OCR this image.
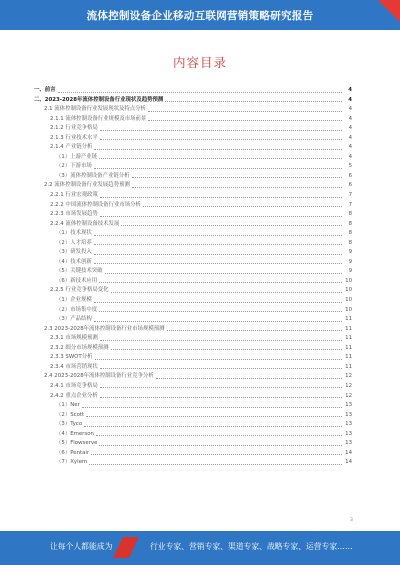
流体控制设备企业移动互联网营销策略研究报告
内容目录
一、前言	4
二、2023-2028年流体控制设备行业现状及趋势预测	4
2.1 流体控制设备行业发展现状及特点分析	4
2.1.1 流体控制设备行业规模及市场前景	4
2.1.2 行业竞争格局	4
2.1.3 行业技术水平	4
2.1.4 产业链分析	4
（1）上游产业链	4
（2）下游市场	5
（3）流体控制设备产业链分析	6
2.2 流体控制设备行业发展趋势预测	6
2.2.1 行业宏观政策	7
2.2.2 中国流体控制设备行业市场分析	7
2.2.3 市场发展趋势	8
2.2.4 流体控制设备技术发展	8
（1）技术现状	8
（2）人才培养	8
（3）研发投入	9
（4）技术创新	9
（5）关键技术突破	9
（6）新技术应用	10
2.2.5 行业竞争格局变化	10
（1）企业规模	10
（2）市场集中度	10
（3）产品结构	11
2.3 2023-2028年流体控制设备行业市场规模预测	11
2.3.1 市场规模预测	11
2.3.2 细分市场规模预测	11
2.3.3 SWOT分析	11
2.3.4 市场营销现状	11
2.4 2023-2028年流体控制设备行业竞争分析	12
2.4.1 市场竞争格局	12
2.4.2 重点企业分析	12
（1）Ner	13
（2）Scott	13
（3）Tyco	13
（4）Emerson	13
（5）Flowserve	13
（6）Pentair	14
（7）Xylem	14
3
让每个人都能成为	行业专家、营销专家、渠道专家、战略专家、运营专家……
